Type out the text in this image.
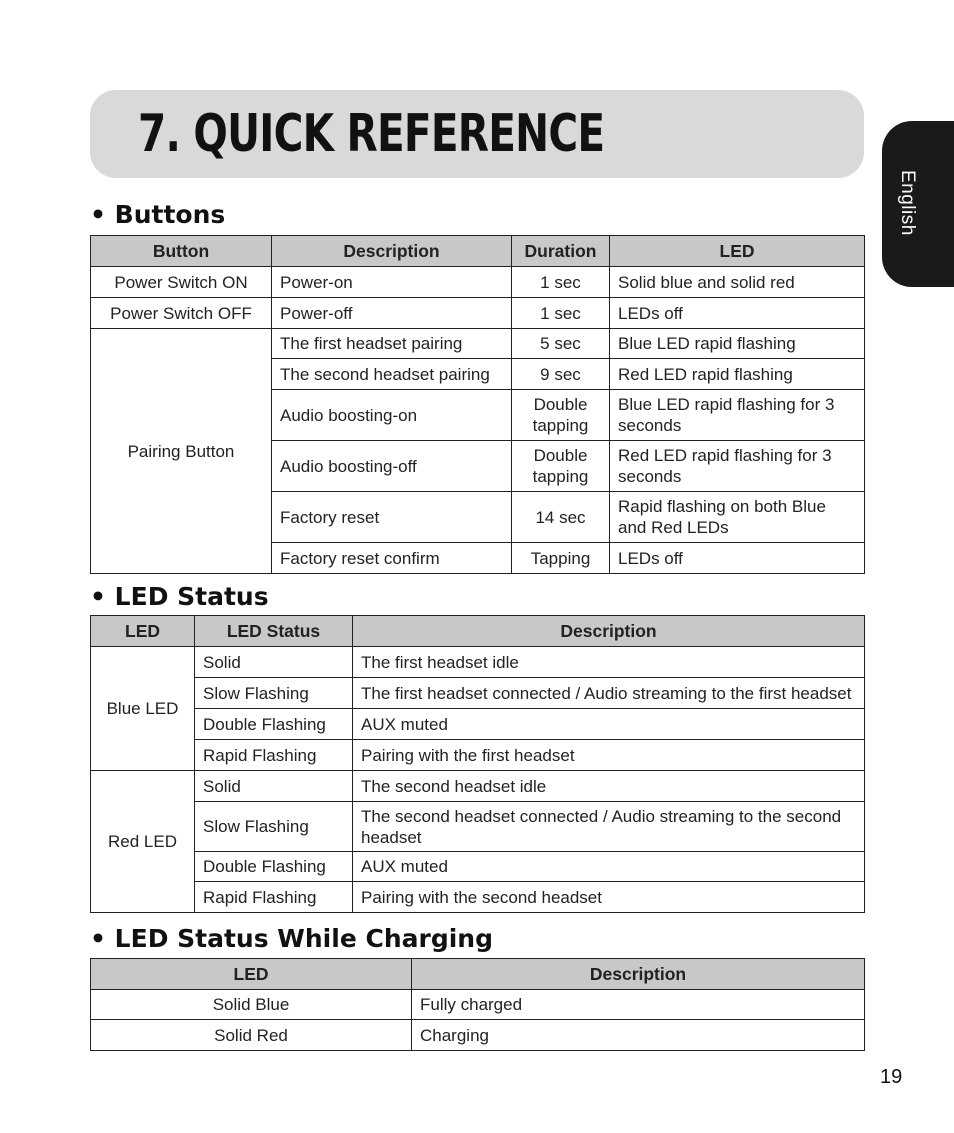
7. QUICK REFERENCE
English
• Buttons
Button	Description	Duration	LED
Power Switch ON	Power-on	1 sec	Solid blue and solid red
Power Switch OFF	Power-off	1 sec	LEDs off
Pairing Button	The first headset pairing	5 sec	Blue LED rapid flashing
	The second headset pairing	9 sec	Red LED rapid flashing
	Audio boosting-on	Double tapping	Blue LED rapid flashing for 3 seconds
	Audio boosting-off	Double tapping	Red LED rapid flashing for 3 seconds
	Factory reset	14 sec	Rapid flashing on both Blue and Red LEDs
	Factory reset confirm	Tapping	LEDs off
• LED Status
LED	LED Status	Description
Blue LED	Solid	The first headset idle
	Slow Flashing	The first headset connected / Audio streaming to the first headset
	Double Flashing	AUX muted
	Rapid Flashing	Pairing with the first headset
Red LED	Solid	The second headset idle
	Slow Flashing	The second headset connected / Audio streaming to the second headset
	Double Flashing	AUX muted
	Rapid Flashing	Pairing with the second headset
• LED Status While Charging
LED	Description
Solid Blue	Fully charged
Solid Red	Charging
19
